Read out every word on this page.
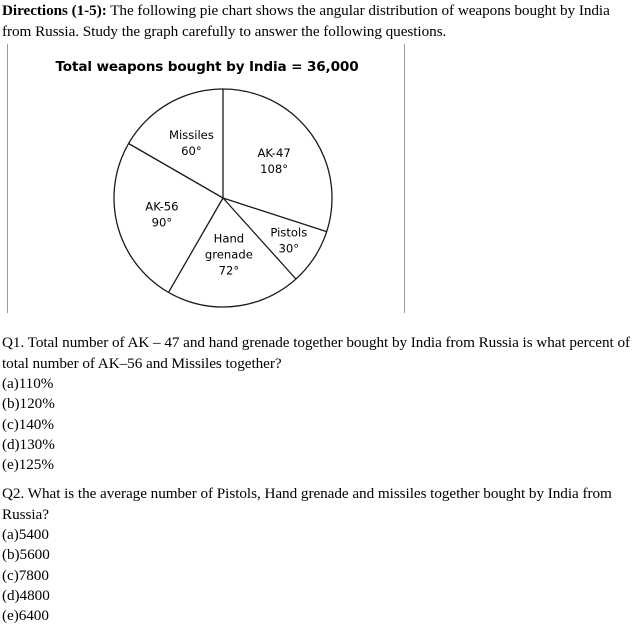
Directions (1-5): The following pie chart shows the angular distribution of weapons bought by India from Russia. Study the graph carefully to answer the following questions.
Total weapons bought by India = 36,000
AK-47 108°
Pistols 30°
Hand grenade 72°
AK-56 90°
Missiles 60°
Q1. Total number of AK – 47 and hand grenade together bought by India from Russia is what percent of total number of AK–56 and Missiles together?
(a)110%
(b)120%
(c)140%
(d)130%
(e)125%
Q2. What is the average number of Pistols, Hand grenade and missiles together bought by India from Russia?
(a)5400
(b)5600
(c)7800
(d)4800
(e)6400
